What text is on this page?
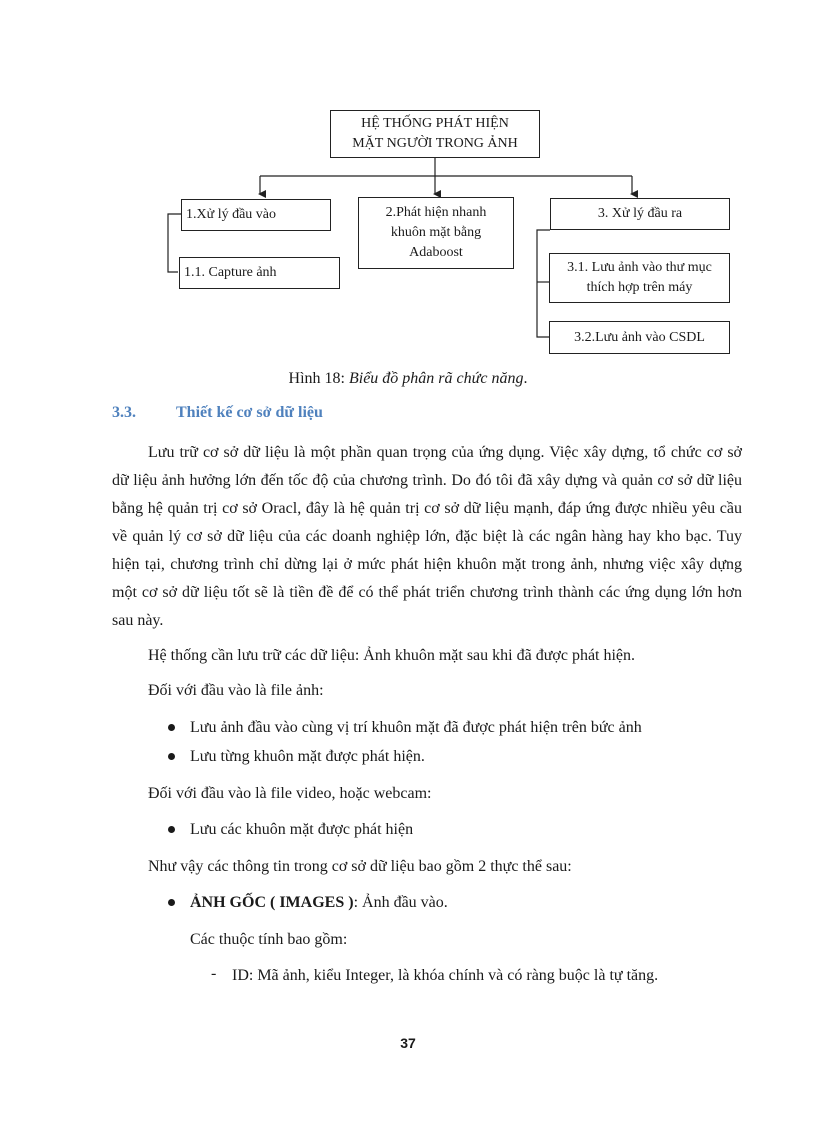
HỆ THỐNG PHÁT HIỆN
MẶT NGƯỜI TRONG ẢNH
1.Xử lý đầu vào
1.1. Capture ảnh
2.Phát hiện nhanh
khuôn mặt bằng
Adaboost
3. Xử lý đầu ra
3.1. Lưu ảnh vào thư mục
thích hợp trên máy
3.2.Lưu ảnh vào CSDL
Hình 18: Biểu đồ phân rã chức năng.
3.3.	Thiết kế cơ sở dữ liệu
Lưu trữ cơ sở dữ liệu là một phần quan trọng của ứng dụng. Việc xây dựng, tổ chức cơ sở dữ liệu ảnh hưởng lớn đến tốc độ của chương trình. Do đó tôi đã xây dựng và quản cơ sở dữ liệu bằng hệ quản trị cơ sở Oracl, đây là hệ quản trị cơ sở dữ liệu mạnh, đáp ứng được nhiều yêu cầu về quản lý cơ sở dữ liệu của các doanh nghiệp lớn, đặc biệt là các ngân hàng hay kho bạc. Tuy hiện tại, chương trình chỉ dừng lại ở mức phát hiện khuôn mặt trong ảnh, nhưng việc xây dựng một cơ sở dữ liệu tốt sẽ là tiền đề để có thể phát triển chương trình thành các ứng dụng lớn hơn sau này.
Hệ thống cần lưu trữ các dữ liệu: Ảnh khuôn mặt sau khi đã được phát hiện.
Đối với đầu vào là file ảnh:
Lưu ảnh đầu vào cùng vị trí khuôn mặt đã được phát hiện trên bức ảnh
Lưu từng khuôn mặt được phát hiện.
Đối với đầu vào là file video, hoặc webcam:
Lưu các khuôn mặt được phát hiện
Như vậy các thông tin trong cơ sở dữ liệu bao gồm 2 thực thể sau:
ẢNH GỐC ( IMAGES ): Ảnh đầu vào.
Các thuộc tính bao gồm:
- ID: Mã ảnh, kiểu Integer, là khóa chính và có ràng buộc là tự tăng.
37
